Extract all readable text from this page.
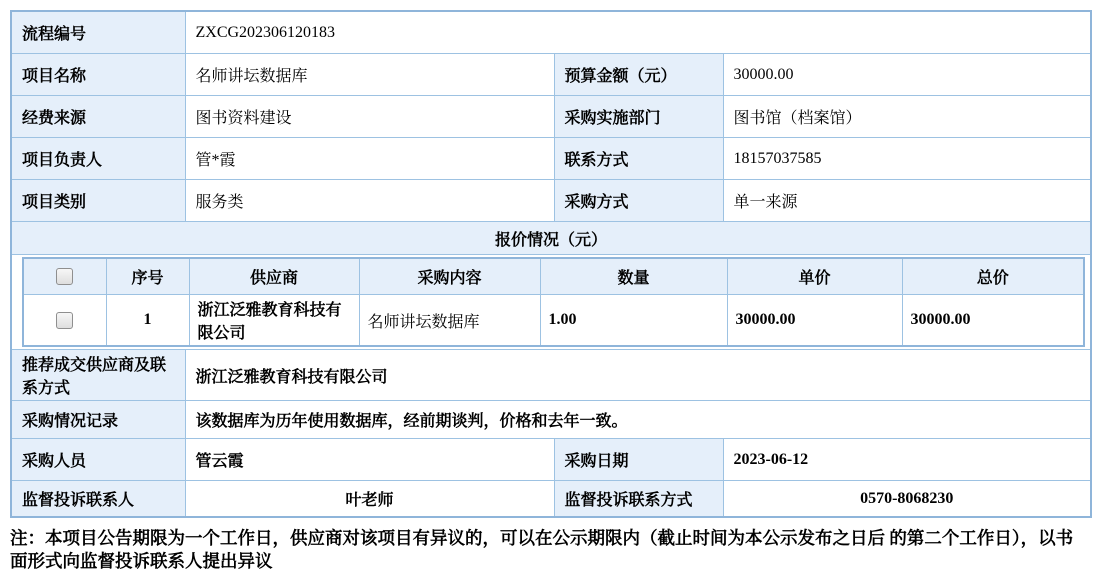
流程编号	ZXCG202306120183
项目名称	名师讲坛数据库	预算金额（元）	30000.00
经费来源	图书资料建设	采购实施部门	图书馆（档案馆）
项目负责人	管*霞	联系方式	18157037585
项目类别	服务类	采购方式	单一来源
报价情况（元）

	序号	供应商	采购内容	数量	单价	总价
	1	浙江泛雅教育科技有限公司	名师讲坛数据库	1.00	30000.00	30000.00

推荐成交供应商及联系方式	浙江泛雅教育科技有限公司
采购情况记录	该数据库为历年使用数据库，经前期谈判，价格和去年一致。
采购人员	管云霞	采购日期	2023-06-12
监督投诉联系人	叶老师	监督投诉联系方式	0570-8068230

注：本项目公告期限为一个工作日，供应商对该项目有异议的，可以在公示期限内（截止时间为本公示发布之日后 的第二个工作日），以书面形式向监督投诉联系人提出异议
